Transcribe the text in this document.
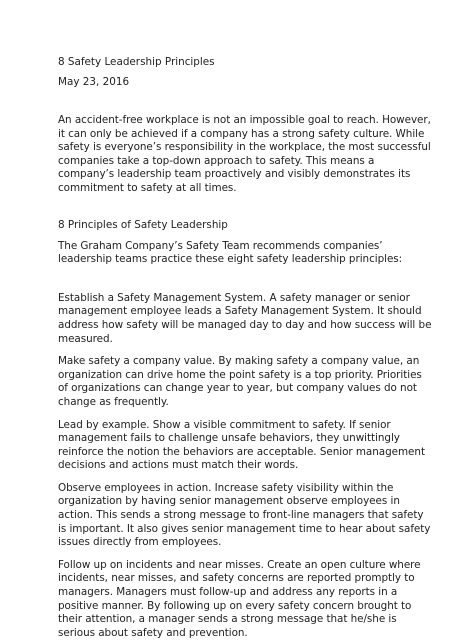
8 Safety Leadership Principles

May 23, 2016

An accident-free workplace is not an impossible goal to reach. However, it can only be achieved if a company has a strong safety culture. While safety is everyone’s responsibility in the workplace, the most successful companies take a top-down approach to safety. This means a company’s leadership team proactively and visibly demonstrates its commitment to safety at all times.

8 Principles of Safety Leadership

The Graham Company’s Safety Team recommends companies’ leadership teams practice these eight safety leadership principles:

Establish a Safety Management System. A safety manager or senior management employee leads a Safety Management System. It should address how safety will be managed day to day and how success will be measured.
Make safety a company value. By making safety a company value, an organization can drive home the point safety is a top priority. Priorities of organizations can change year to year, but company values do not change as frequently.
Lead by example. Show a visible commitment to safety. If senior management fails to challenge unsafe behaviors, they unwittingly reinforce the notion the behaviors are acceptable. Senior management decisions and actions must match their words.
Observe employees in action. Increase safety visibility within the organization by having senior management observe employees in action. This sends a strong message to front-line managers that safety is important. It also gives senior management time to hear about safety issues directly from employees.
Follow up on incidents and near misses. Create an open culture where incidents, near misses, and safety concerns are reported promptly to managers. Managers must follow-up and address any reports in a positive manner. By following up on every safety concern brought to their attention, a manager sends a strong message that he/she is serious about safety and prevention.
